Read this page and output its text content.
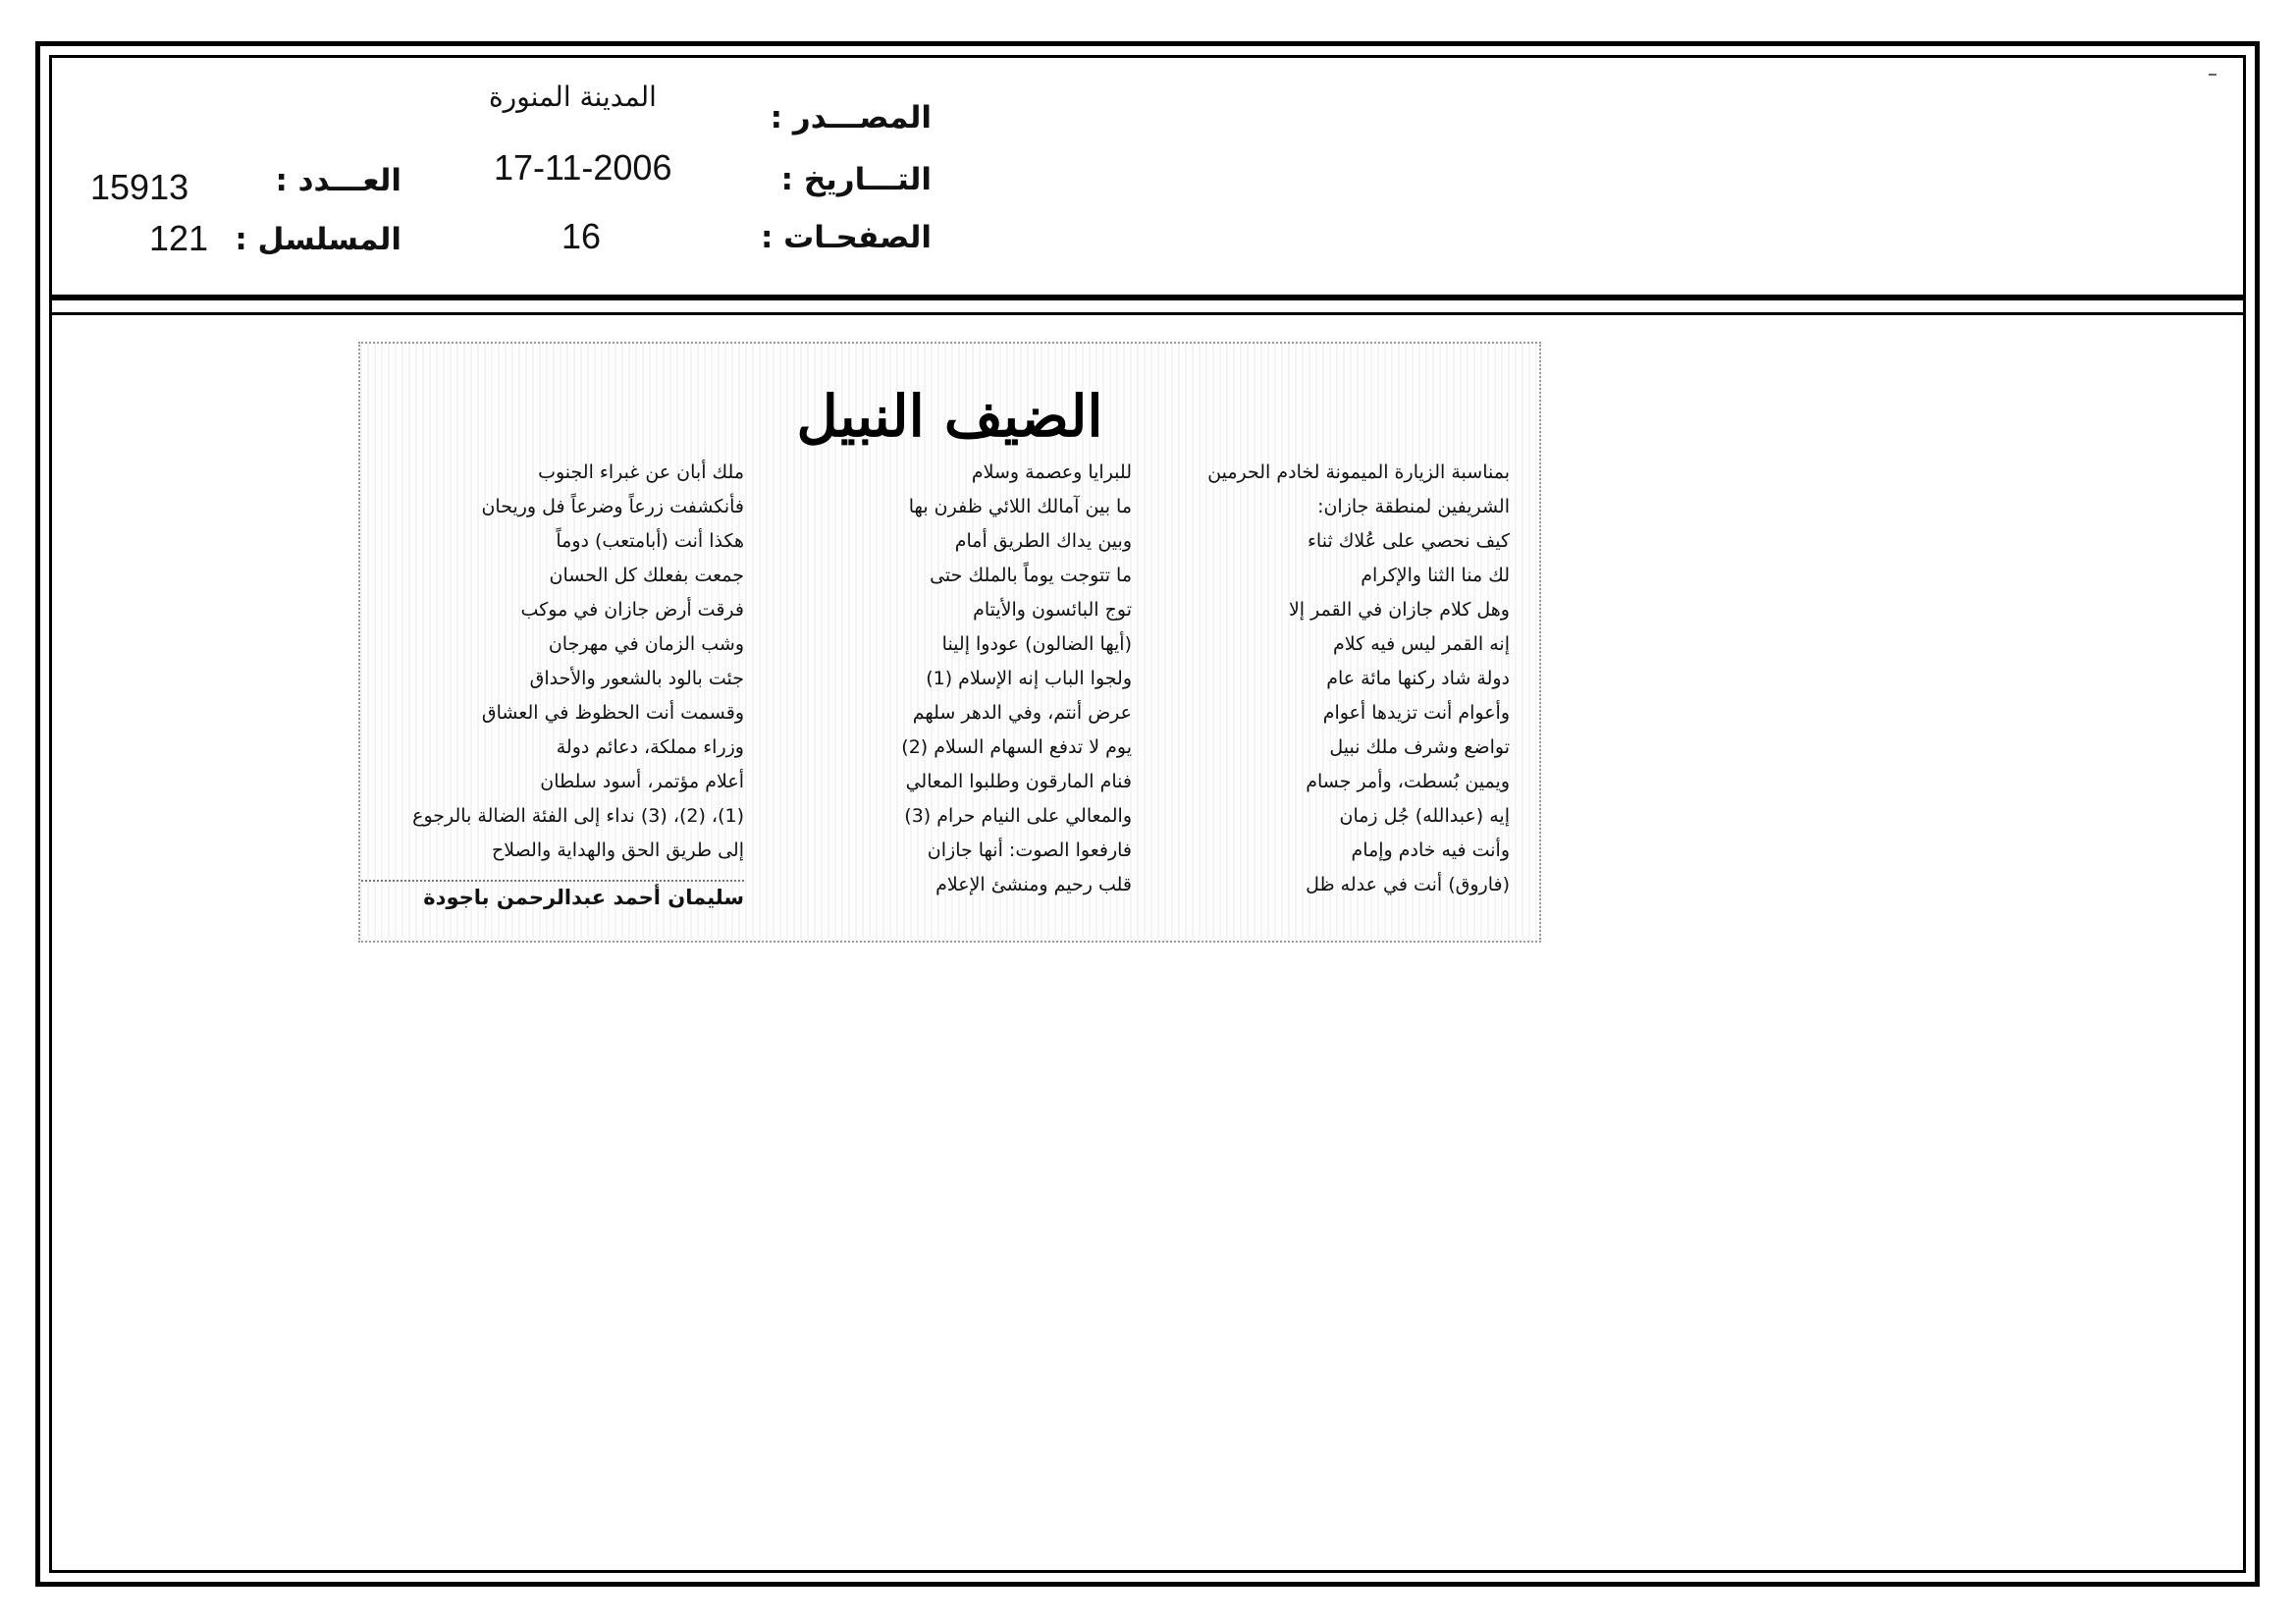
المصـــدر :
المدينة المنورة
التـــاريخ :
17-11-2006
الصفحـات :
16
العـــدد :
15913
المسلسل :
121
الضيف النبيل
بمناسبة الزيارة الميمونة لخادم الحرمين
الشريفين لمنطقة جازان:
كيف نحصي على عُلاك ثناء
لك منا الثنا والإكرام
وهل كلام جازان في القمر إلا
إنه القمر ليس فيه كلام
دولة شاد ركنها مائة عام
وأعوام أنت تزيدها أعوام
تواضع وشرف ملك نبيل
ويمين بُسطت، وأمر جسام
إيه (عبدالله) جُل زمان
وأنت فيه خادم وإمام
(فاروق) أنت في عدله ظل
للبرايا وعصمة وسلام
ما بين آمالك اللائي ظفرن بها
وبين يداك الطريق أمام
ما تتوجت يوماً بالملك حتى
توج البائسون والأيتام
(أيها الضالون) عودوا إلينا
ولجوا الباب إنه الإسلام (1)
عرض أنتم، وفي الدهر سلهم
يوم لا تدفع السهام السلام (2)
فنام المارقون وطلبوا المعالي
والمعالي على النيام حرام (3)
فارفعوا الصوت: أنها جازان
قلب رحيم ومنشئ الإعلام
ملك أبان عن غبراء الجنوب
فأنكشفت زرعاً وضرعاً فل وريحان
هكذا أنت (أبامتعب) دوماً
جمعت بفعلك كل الحسان
فرقت أرض جازان في موكب
وشب الزمان في مهرجان
جئت بالود بالشعور والأحداق
وقسمت أنت الحظوظ في العشاق
وزراء مملكة، دعائم دولة
أعلام مؤتمر، أسود سلطان
(1)، (2)، (3) نداء إلى الفئة الضالة بالرجوع
إلى طريق الحق والهداية والصلاح
سليمان أحمد عبدالرحمن باجودة
